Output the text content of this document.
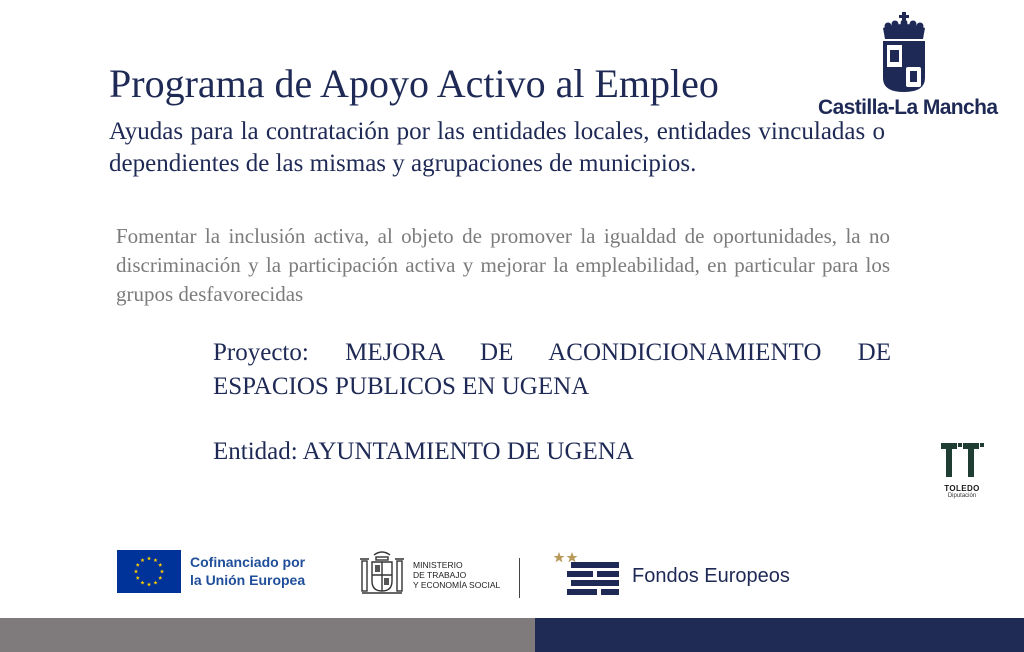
Programa de Apoyo Activo al Empleo
Ayudas para la contratación por las entidades locales, entidades vinculadas o dependientes de las mismas y agrupaciones de municipios.
Fomentar la inclusión activa, al objeto de promover la igualdad de oportunidades, la no discriminación y la participación activa y mejorar la empleabilidad, en particular para los grupos desfavorecidas
Proyecto: MEJORA DE ACONDICIONAMIENTO DE ESPACIOS PUBLICOS EN UGENA
Entidad: AYUNTAMIENTO DE UGENA
Castilla-La Mancha
TOLEDO
Diputación
Cofinanciado por
la Unión Europea
MINISTERIO
DE TRABAJO
Y ECONOMÍA SOCIAL	Fondos Europeos
